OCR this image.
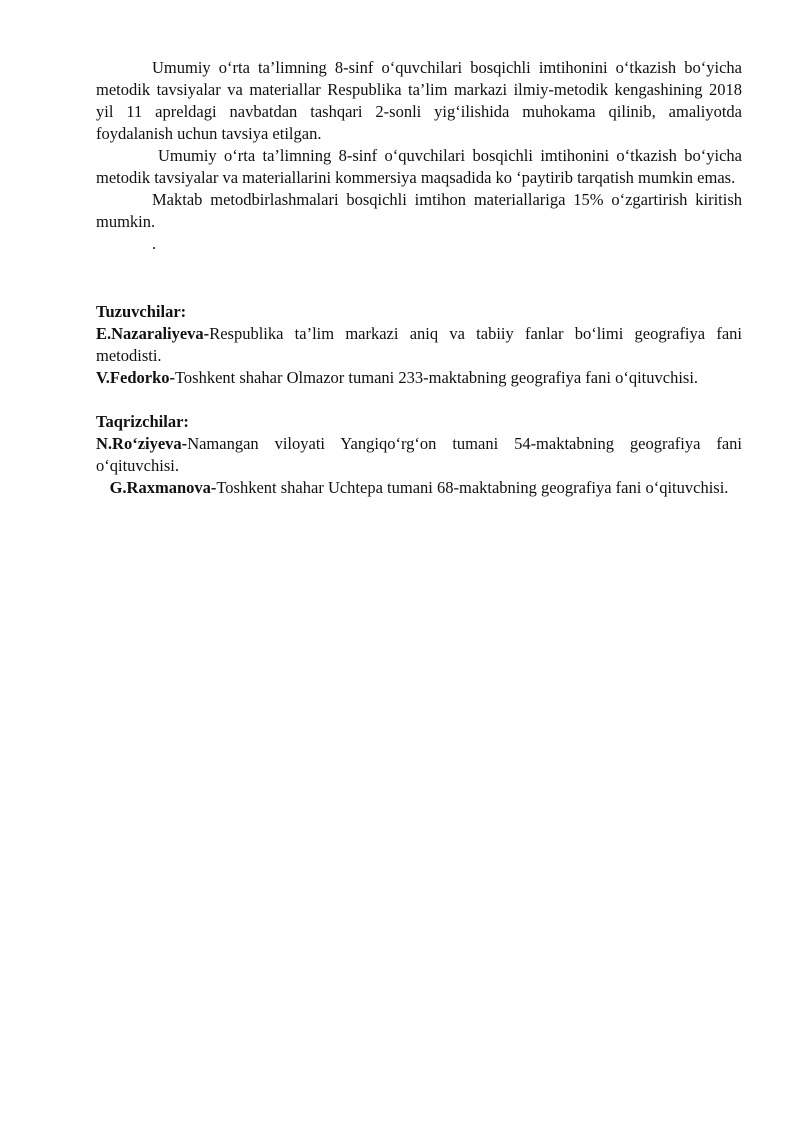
Umumiy o‘rta ta’limning 8-sinf o‘quvchilari bosqichli imtihonini o‘tkazish bo‘yicha metodik tavsiyalar va materiallar Respublika ta’lim markazi ilmiy-metodik kengashining 2018 yil 11 apreldagi navbatdan tashqari 2-sonli yig‘ilishida muhokama qilinib, amaliyotda foydalanish uchun tavsiya etilgan.

Umumiy o‘rta ta’limning 8-sinf o‘quvchilari bosqichli imtihonini o‘tkazish bo‘yicha metodik tavsiyalar va materiallarini kommersiya maqsadida ko ‘paytirib tarqatish mumkin emas.

Maktab metodbirlashmalari bosqichli imtihon materiallariga 15% o‘zgartirish kiritish mumkin.

.

Tuzuvchilar:

E.Nazaraliyeva-Respublika ta’lim markazi aniq va tabiiy fanlar bo‘limi geografiya fani metodisti.

V.Fedorko-Toshkent shahar Olmazor tumani 233-maktabning geografiya fani o‘qituvchisi.

Taqrizchilar:

N.Ro‘ziyeva-Namangan viloyati Yangiqo‘rg‘on tumani 54-maktabning geografiya fani o‘qituvchisi.

G.Raxmanova-Toshkent shahar Uchtepa tumani 68-maktabning geografiya fani o‘qituvchisi.
